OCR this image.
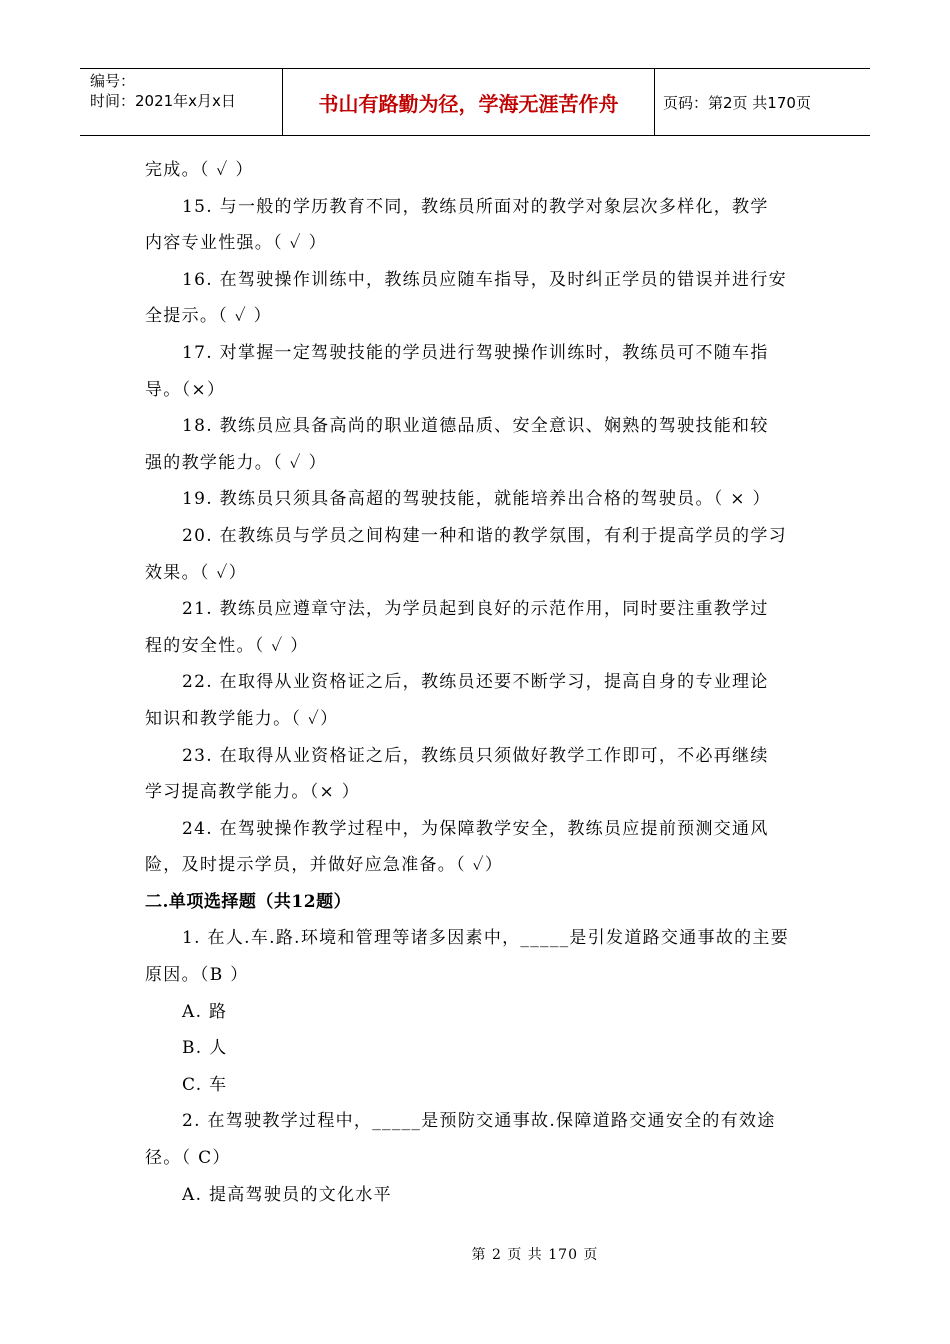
编号：
时间：2021年x月x日	书山有路勤为径，学海无涯苦作舟	页码：第2页 共170页
完成。（ ✓ ）
15. 与一般的学历教育不同，教练员所面对的教学对象层次多样化，教学
内容专业性强。（ ✓ ）
16. 在驾驶操作训练中，教练员应随车指导，及时纠正学员的错误并进行安
全提示。（ ✓ ）
17. 对掌握一定驾驶技能的学员进行驾驶操作训练时，教练员可不随车指
导。（×）
18. 教练员应具备高尚的职业道德品质、安全意识、娴熟的驾驶技能和较
强的教学能力。（ ✓ ）
19. 教练员只须具备高超的驾驶技能，就能培养出合格的驾驶员。（ × ）
20. 在教练员与学员之间构建一种和谐的教学氛围，有利于提高学员的学习
效果。（ ✓）
21. 教练员应遵章守法，为学员起到良好的示范作用，同时要注重教学过
程的安全性。（ ✓ ）
22. 在取得从业资格证之后，教练员还要不断学习，提高自身的专业理论
知识和教学能力。（ ✓）
23. 在取得从业资格证之后，教练员只须做好教学工作即可，不必再继续
学习提高教学能力。（× ）
24. 在驾驶操作教学过程中，为保障教学安全，教练员应提前预测交通风
险，及时提示学员，并做好应急准备。（ ✓）
二.单项选择题（共12题）
1. 在人.车.路.环境和管理等诸多因素中，_____是引发道路交通事故的主要
原因。（B ）
A. 路
B. 人
C. 车
2. 在驾驶教学过程中，_____是预防交通事故.保障道路交通安全的有效途
径。（ C）
A. 提高驾驶员的文化水平
第 2 页 共 170 页
